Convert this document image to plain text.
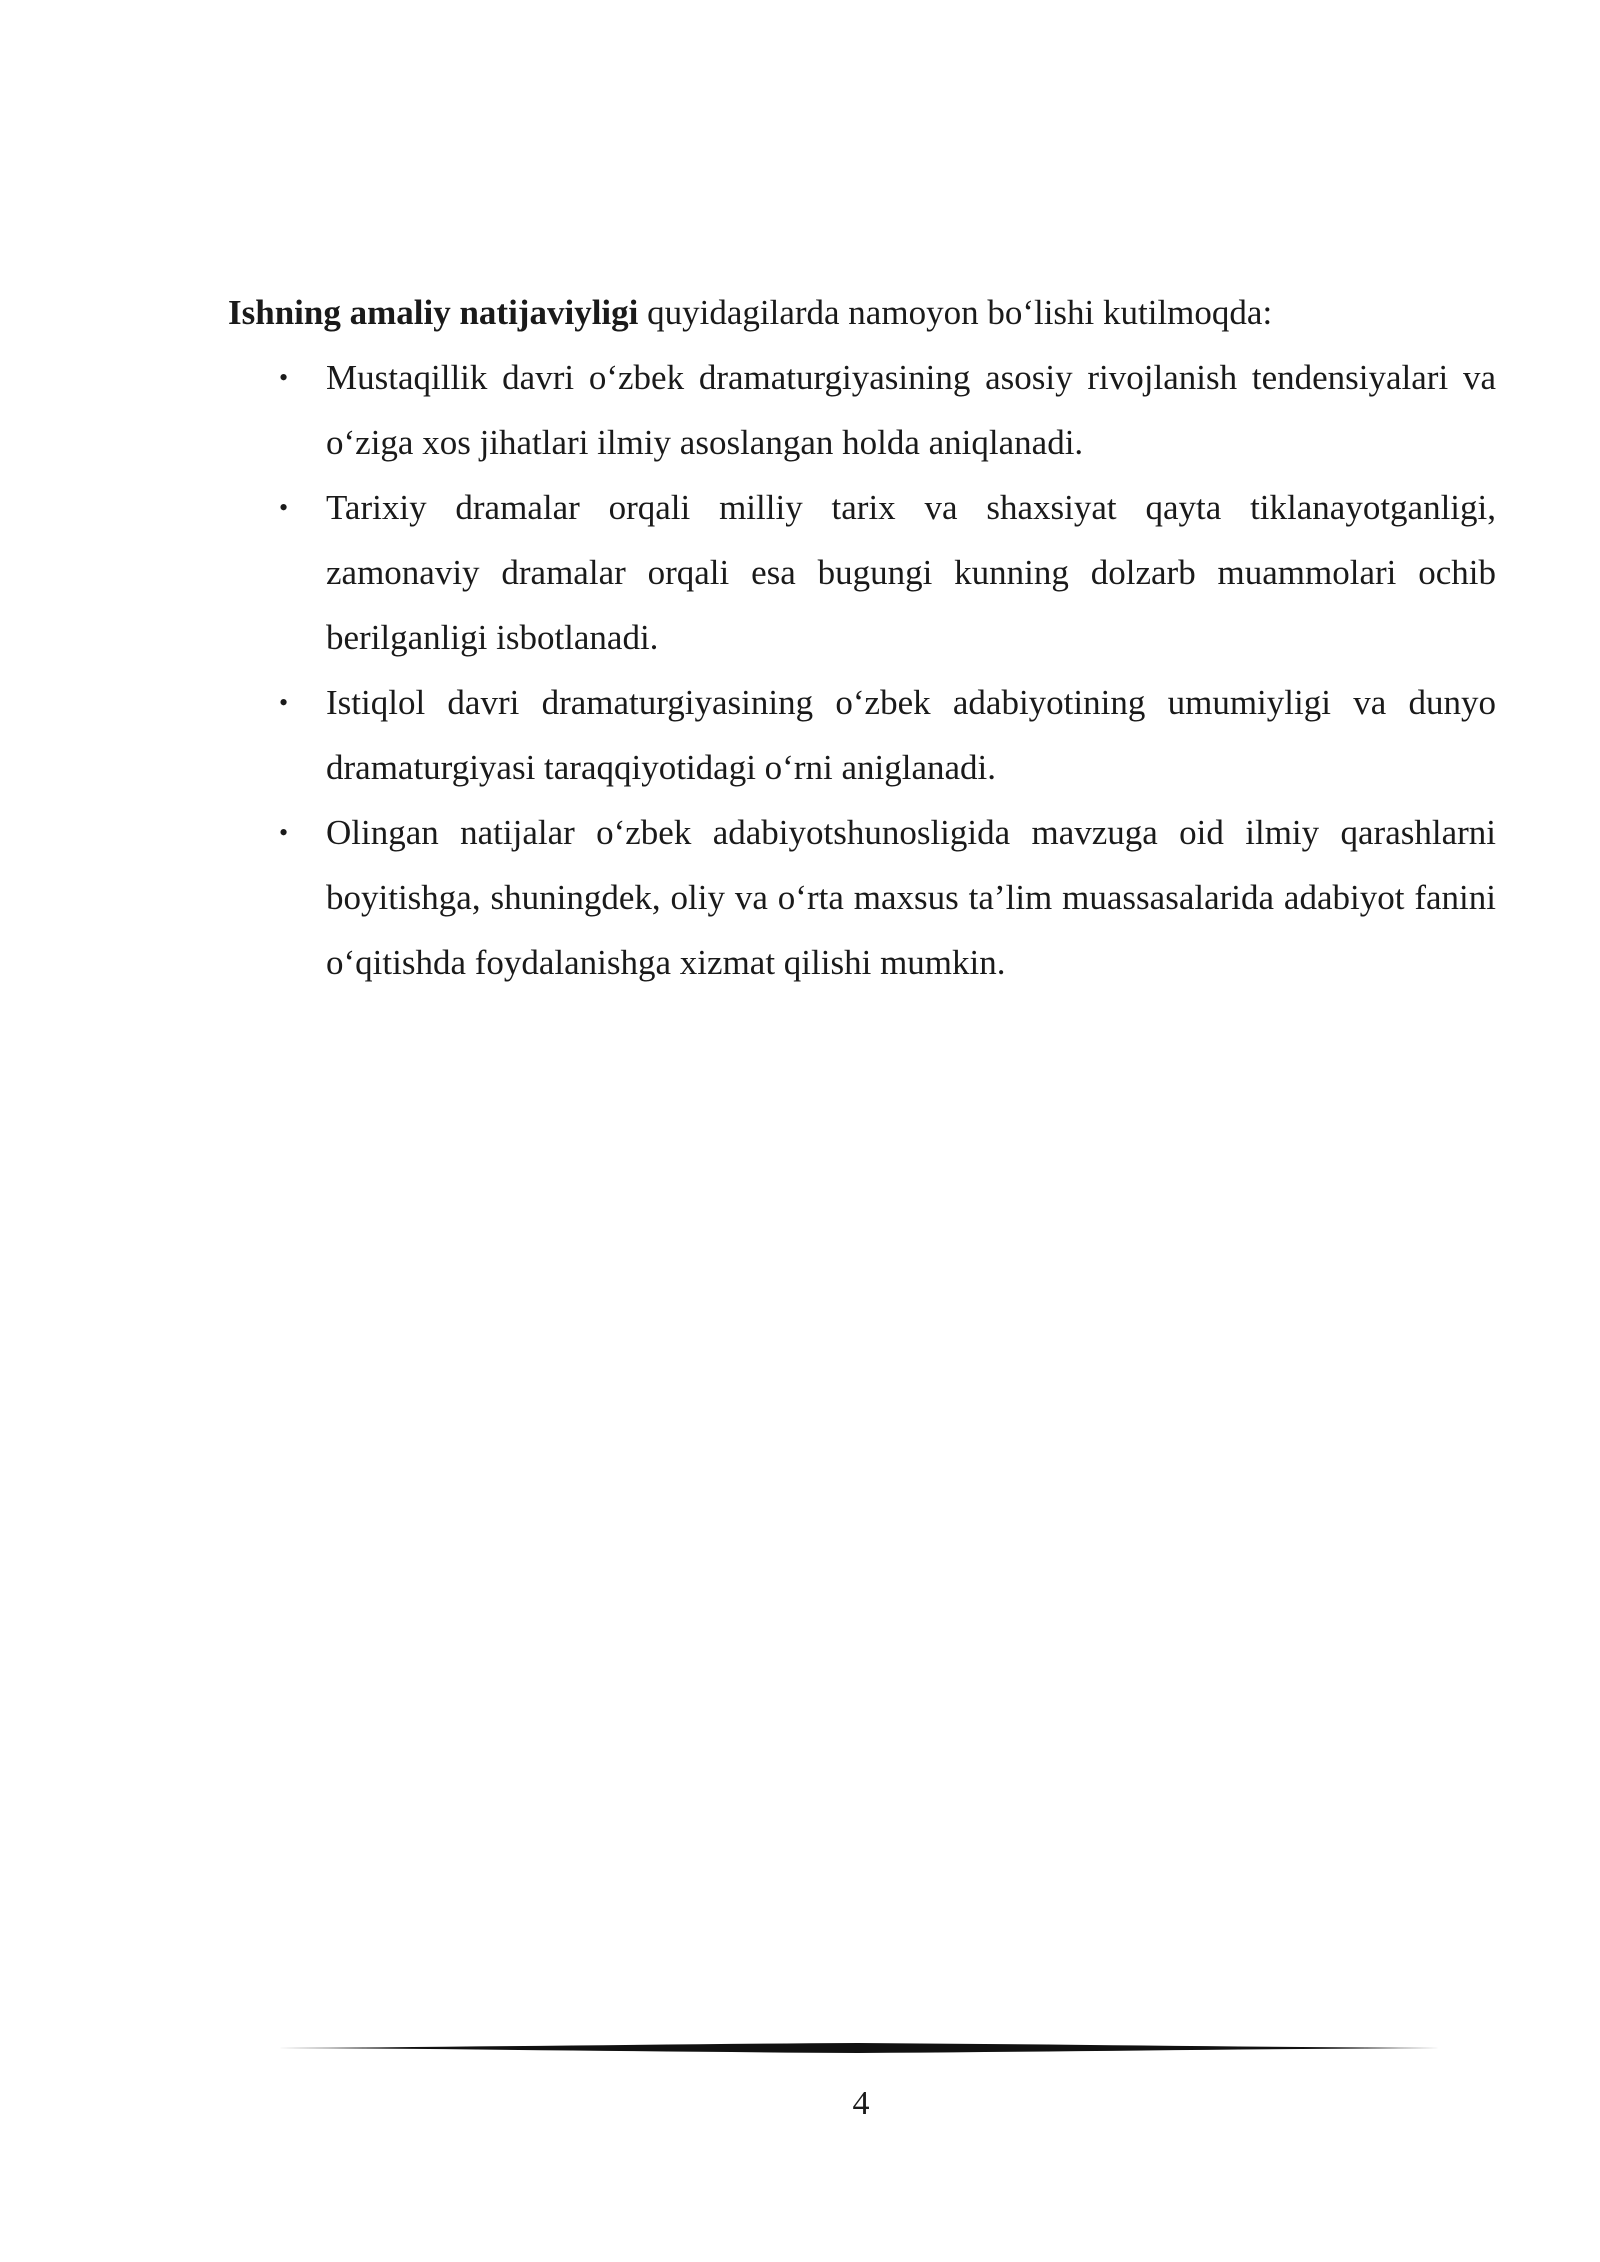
Ishning amaliy natijaviyligi quyidagilarda namoyon bo‘lishi kutilmoqda:

• Mustaqillik davri o‘zbek dramaturgiyasining asosiy rivojlanish tendensiyalari va o‘ziga xos jihatlari ilmiy asoslangan holda aniqlanadi.
• Tarixiy dramalar orqali milliy tarix va shaxsiyat qayta tiklanayotganligi, zamonaviy dramalar orqali esa bugungi kunning dolzarb muammolari ochib berilganligi isbotlanadi.
• Istiqlol davri dramaturgiyasining o‘zbek adabiyotining umumiyligi va dunyo dramaturgiyasi taraqqiyotidagi o‘rni aniglanadi.
• Olingan natijalar o‘zbek adabiyotshunosligida mavzuga oid ilmiy qarashlarni boyitishga, shuningdek, oliy va o‘rta maxsus ta’lim muassasalarida adabiyot fanini o‘qitishda foydalanishga xizmat qilishi mumkin.
4
